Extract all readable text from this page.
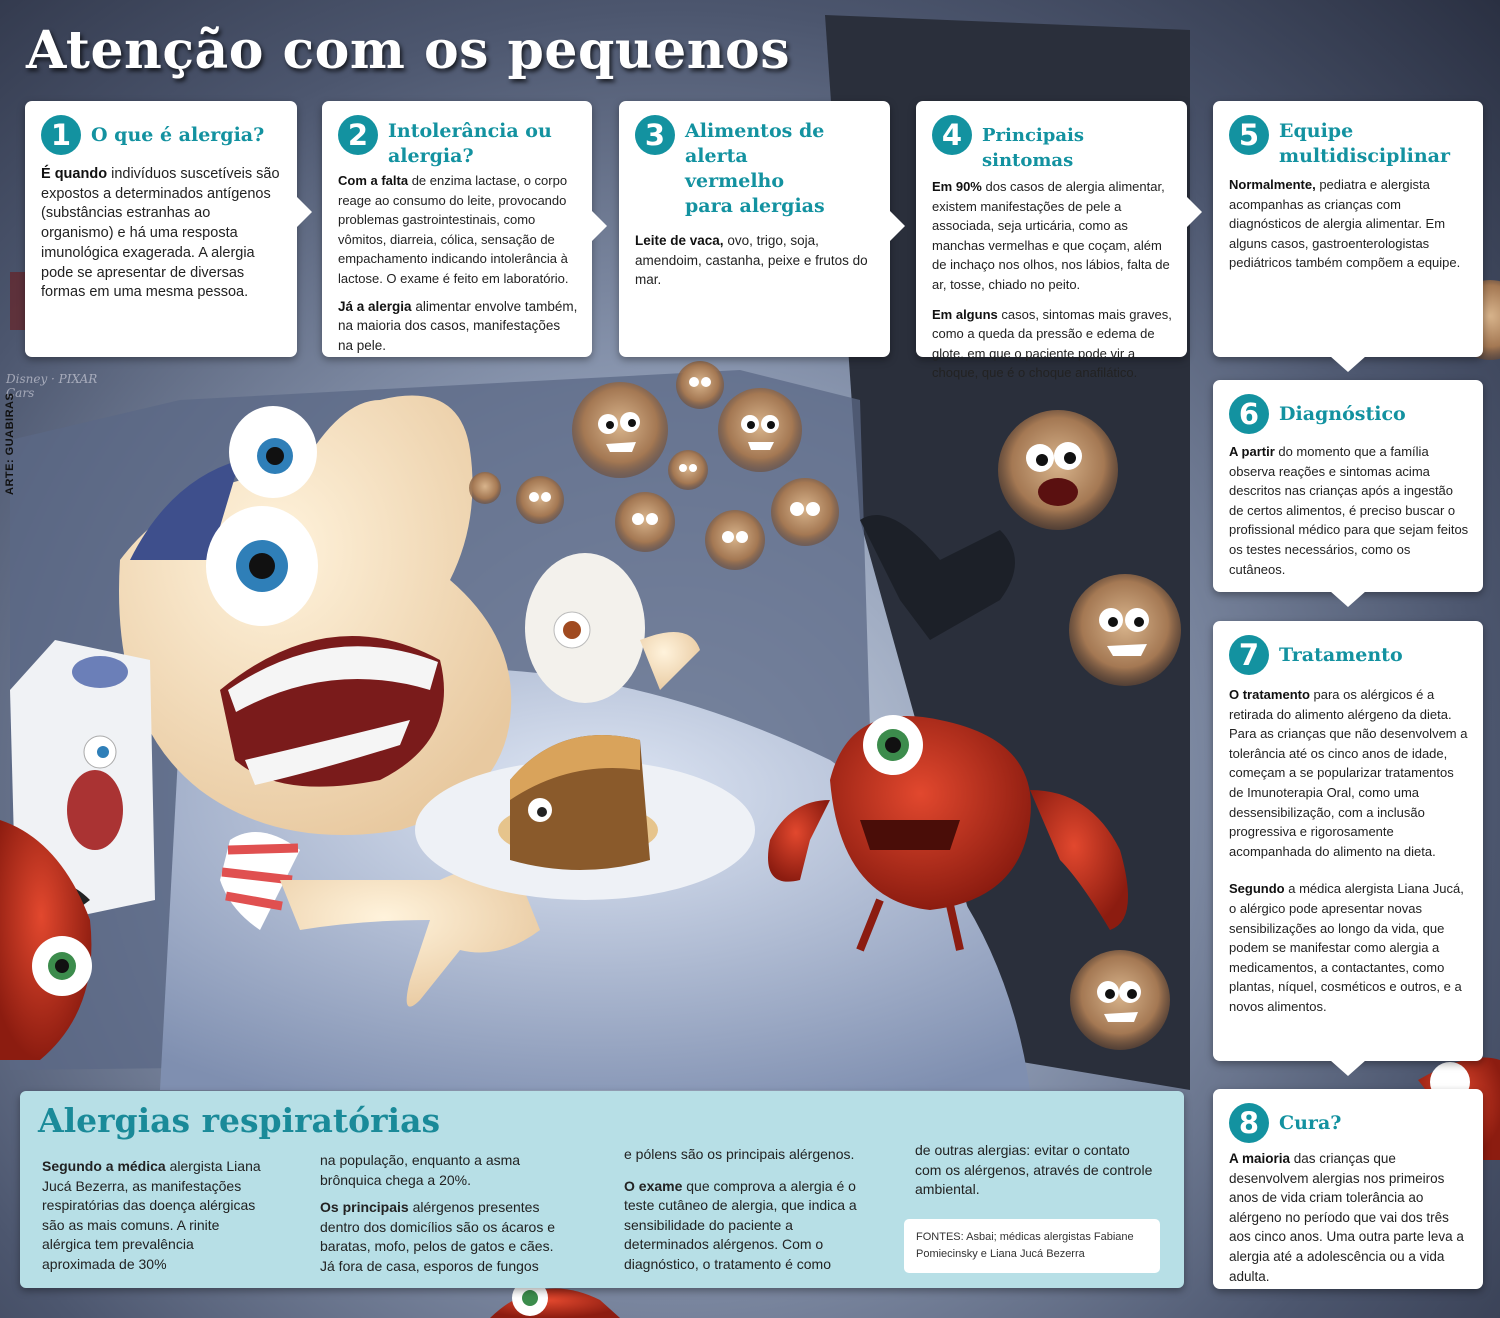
Disney · PIXAR Cars
Atenção com os pequenos
ARTE: GUABIRAS
1	O que é alergia?

É quando indivíduos suscetíveis são expostos a determinados antígenos (substâncias estranhas ao organismo) e há uma resposta imunológica exagerada. A alergia pode se apresentar de diversas formas em uma mesma pessoa.

2	Intolerância ou alergia?

Com a falta de enzima lactase, o corpo reage ao consumo do leite, provocando problemas gastrointestinais, como vômitos, diarreia, cólica, sensação de empachamento indicando intolerância à lactose. O exame é feito em laboratório.

Já a alergia alimentar envolve também, na maioria dos casos, manifestações na pele.

3	Alimentos de alerta vermelho para alergias

Leite de vaca, ovo, trigo, soja, amendoim, castanha, peixe e frutos do mar.

4	Principais sintomas

Em 90% dos casos de alergia alimentar, existem manifestações de pele a associada, seja urticária, como as manchas vermelhas e que coçam, além de inchaço nos olhos, nos lábios, falta de ar, tosse, chiado no peito.

Em alguns casos, sintomas mais graves, como a queda da pressão e edema de glote, em que o paciente pode vir a choque, que é o choque anafilático.

5	Equipe multidisciplinar

Normalmente, pediatra e alergista acompanhas as crianças com diagnósticos de alergia alimentar. Em alguns casos, gastroenterologistas pediátricos também compõem a equipe.

6	Diagnóstico

A partir do momento que a família observa reações e sintomas acima descritos nas crianças após a ingestão de certos alimentos, é preciso buscar o profissional médico para que sejam feitos os testes necessários, como os cutâneos.

7	Tratamento

O tratamento para os alérgicos é a retirada do alimento alérgeno da dieta. Para as crianças que não desenvolvem a tolerância até os cinco anos de idade, começam a se popularizar tratamentos de Imunoterapia Oral, como uma dessensibilização, com a inclusão progressiva e rigorosamente acompanhada do alimento na dieta.

Segundo a médica alergista Liana Jucá, o alérgico pode apresentar novas sensibilizações ao longo da vida, que podem se manifestar como alergia a medicamentos, a contactantes, como plantas, níquel, cosméticos e outros, e a novos alimentos.

8	Cura?

A maioria das crianças que desenvolvem alergias nos primeiros anos de vida criam tolerância ao alérgeno no período que vai dos três aos cinco anos. Uma outra parte leva a alergia até a adolescência ou a vida adulta.

Alergias respiratórias

Segundo a médica alergista Liana Jucá Bezerra, as manifestações respiratórias das doença alérgicas são as mais comuns. A rinite alérgica tem prevalência aproximada de 30%

na população, enquanto a asma brônquica chega a 20%.

Os principais alérgenos presentes dentro dos domicílios são os ácaros e baratas, mofo, pelos de gatos e cães. Já fora de casa, esporos de fungos

e pólens são os principais alérgenos.

O exame que comprova a alergia é o teste cutâneo de alergia, que indica a sensibilidade do paciente a determinados alérgenos. Com o diagnóstico, o tratamento é como

de outras alergias: evitar o contato com os alérgenos, através de controle ambiental.

FONTES: Asbai; médicas alergistas Fabiane Pomiecinsky e Liana Jucá Bezerra
